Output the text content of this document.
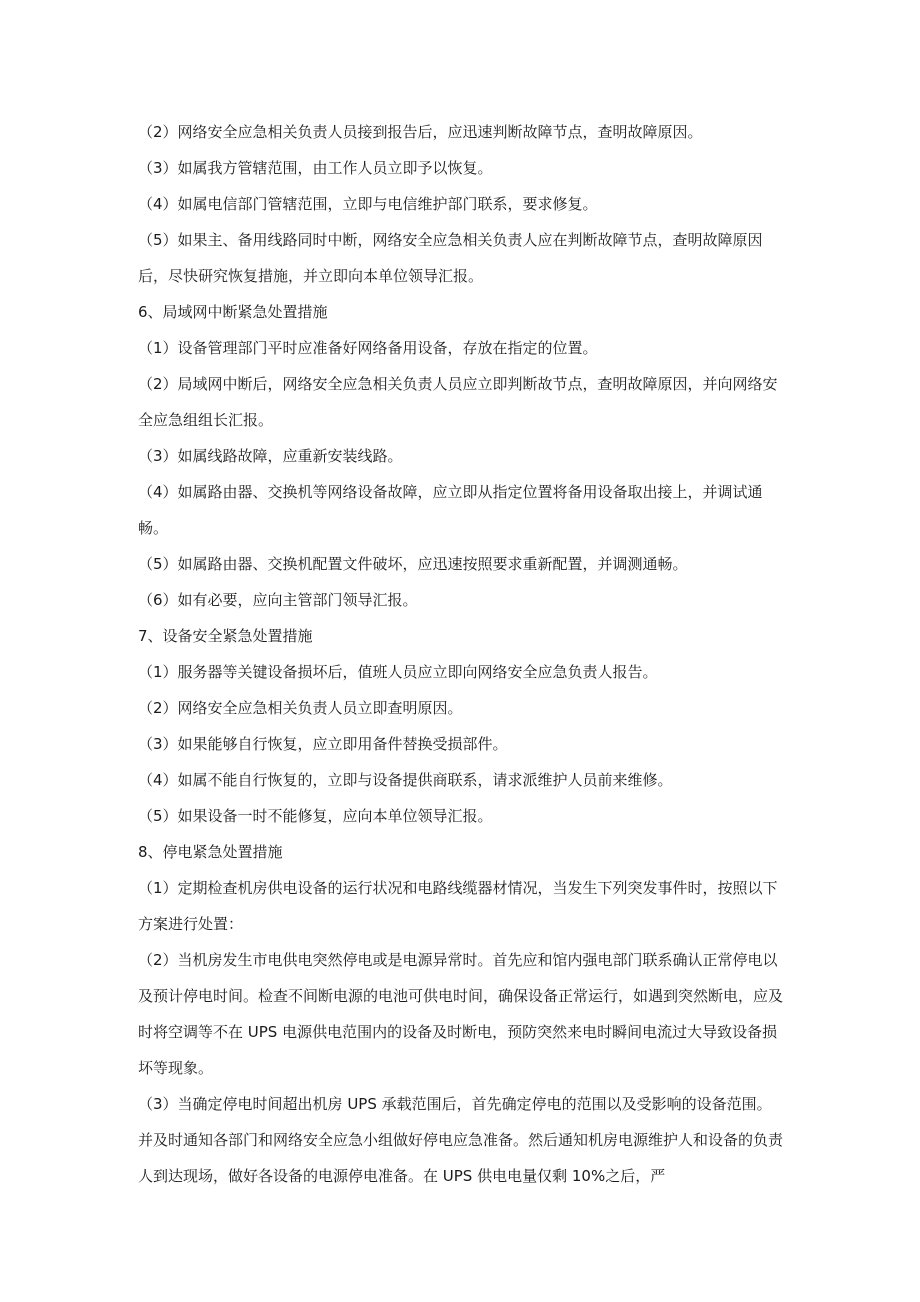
（2）网络安全应急相关负责人员接到报告后，应迅速判断故障节点，查明故障原因。

（3）如属我方管辖范围，由工作人员立即予以恢复。

（4）如属电信部门管辖范围，立即与电信维护部门联系，要求修复。

（5）如果主、备用线路同时中断，网络安全应急相关负责人应在判断故障节点，查明故障原因后，尽快研究恢复措施，并立即向本单位领导汇报。

6、局域网中断紧急处置措施

（1）设备管理部门平时应准备好网络备用设备，存放在指定的位置。

（2）局域网中断后，网络安全应急相关负责人员应立即判断故节点，查明故障原因，并向网络安全应急组组长汇报。

（3）如属线路故障，应重新安装线路。

（4）如属路由器、交换机等网络设备故障，应立即从指定位置将备用设备取出接上，并调试通畅。

（5）如属路由器、交换机配置文件破坏，应迅速按照要求重新配置，并调测通畅。

（6）如有必要，应向主管部门领导汇报。

7、设备安全紧急处置措施

（1）服务器等关键设备损坏后，值班人员应立即向网络安全应急负责人报告。

（2）网络安全应急相关负责人员立即查明原因。

（3）如果能够自行恢复，应立即用备件替换受损部件。

（4）如属不能自行恢复的，立即与设备提供商联系，请求派维护人员前来维修。

（5）如果设备一时不能修复，应向本单位领导汇报。

8、停电紧急处置措施

（1）定期检查机房供电设备的运行状况和电路线缆器材情况，当发生下列突发事件时，按照以下方案进行处置：

（2）当机房发生市电供电突然停电或是电源异常时。首先应和馆内强电部门联系确认正常停电以及预计停电时间。检查不间断电源的电池可供电时间，确保设备正常运行，如遇到突然断电，应及时将空调等不在 UPS 电源供电范围内的设备及时断电，预防突然来电时瞬间电流过大导致设备损坏等现象。

（3）当确定停电时间超出机房 UPS 承载范围后，首先确定停电的范围以及受影响的设备范围。并及时通知各部门和网络安全应急小组做好停电应急准备。然后通知机房电源维护人和设备的负责人到达现场，做好各设备的电源停电准备。在 UPS 供电电量仅剩 10%之后，严
